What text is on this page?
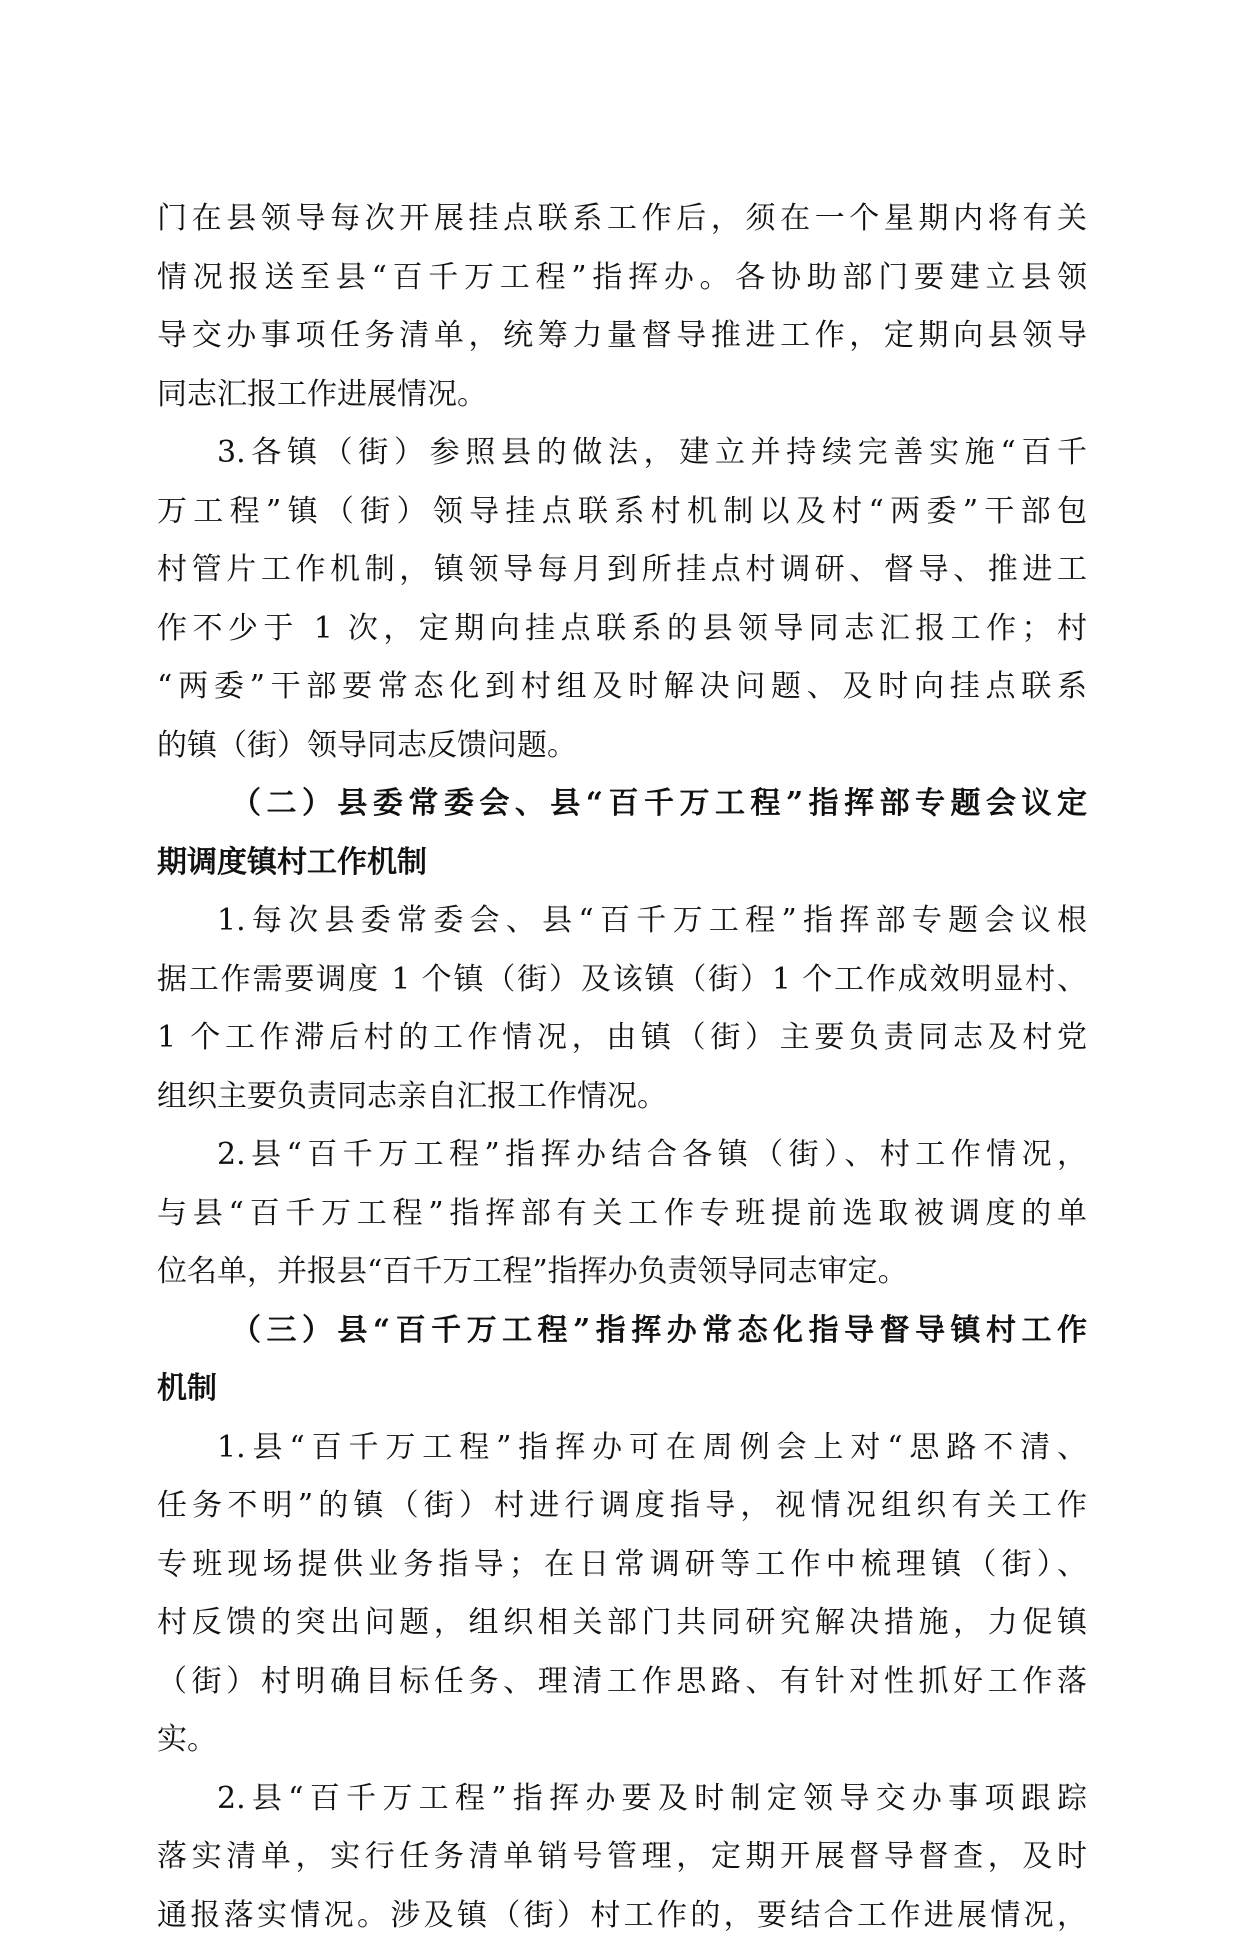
门在县领导每次开展挂点联系工作后，须在一个星期内将有关
情况报送至县“百千万工程”指挥办。各协助部门要建立县领
导交办事项任务清单，统筹力量督导推进工作，定期向县领导
同志汇报工作进展情况。
3.各镇（街）参照县的做法，建立并持续完善实施“百千
万工程”镇（街）领导挂点联系村机制以及村“两委”干部包
村管片工作机制，镇领导每月到所挂点村调研、督导、推进工
作不少于 1 次，定期向挂点联系的县领导同志汇报工作；村
“两委”干部要常态化到村组及时解决问题、及时向挂点联系
的镇（街）领导同志反馈问题。
（二）县委常委会、县“百千万工程”指挥部专题会议定
期调度镇村工作机制
1.每次县委常委会、县“百千万工程”指挥部专题会议根
据工作需要调度 1 个镇（街）及该镇（街）1 个工作成效明显村、
1 个工作滞后村的工作情况，由镇（街）主要负责同志及村党
组织主要负责同志亲自汇报工作情况。
2.县“百千万工程”指挥办结合各镇（街）、村工作情况，
与县“百千万工程”指挥部有关工作专班提前选取被调度的单
位名单，并报县“百千万工程”指挥办负责领导同志审定。
（三）县“百千万工程”指挥办常态化指导督导镇村工作
机制
1.县“百千万工程”指挥办可在周例会上对“思路不清、
任务不明”的镇（街）村进行调度指导，视情况组织有关工作
专班现场提供业务指导；在日常调研等工作中梳理镇（街）、
村反馈的突出问题，组织相关部门共同研究解决措施，力促镇
（街）村明确目标任务、理清工作思路、有针对性抓好工作落
实。
2.县“百千万工程”指挥办要及时制定领导交办事项跟踪
落实清单，实行任务清单销号管理，定期开展督导督查，及时
通报落实情况。涉及镇（街）村工作的，要结合工作进展情况，
